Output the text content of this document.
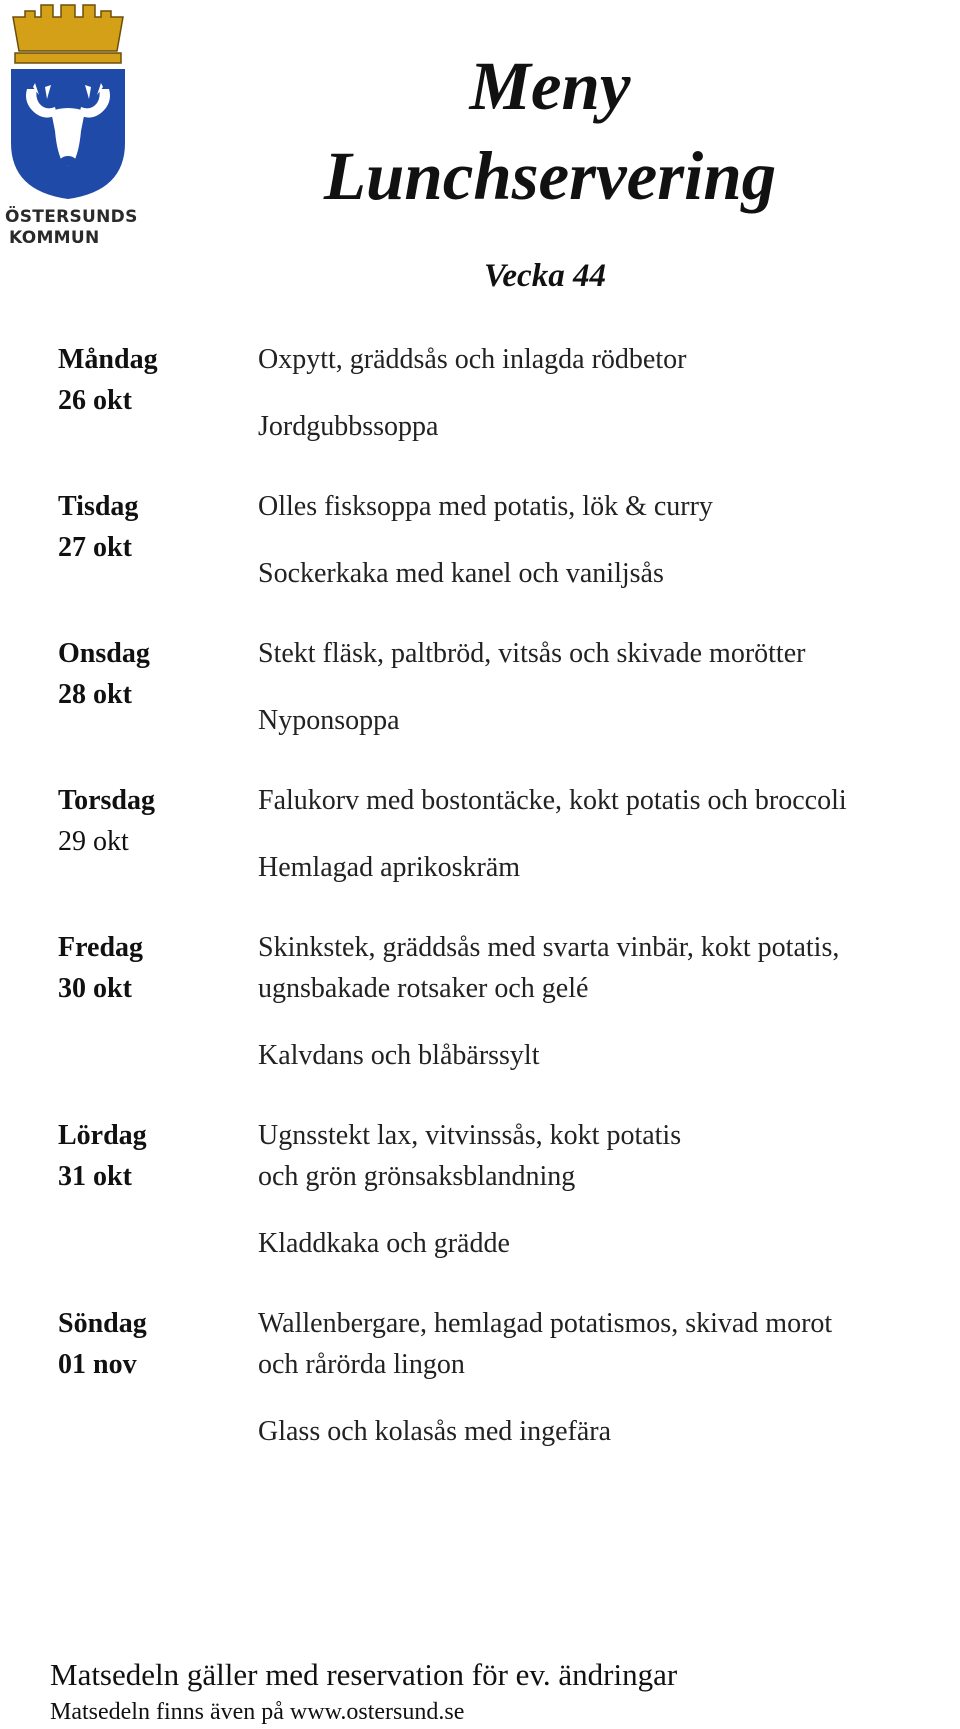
ÖSTERSUNDS
KOMMUN
Meny
Lunchservering
Vecka 44
Måndag
26 okt
Oxpytt, gräddsås och inlagda rödbetor
Jordgubbssoppa
Tisdag
27 okt
Olles fisksoppa med potatis, lök & curry
Sockerkaka med kanel och vaniljsås
Onsdag
28 okt
Stekt fläsk, paltbröd, vitsås och skivade morötter
Nyponsoppa
Torsdag
29 okt
Falukorv med bostontäcke, kokt potatis och broccoli
Hemlagad aprikoskräm
Fredag
30 okt
Skinkstek, gräddsås med svarta vinbär, kokt potatis,
ugnsbakade rotsaker och gelé
Kalvdans och blåbärssylt
Lördag
31 okt
Ugnsstekt lax, vitvinssås, kokt potatis
och grön grönsaksblandning
Kladdkaka och grädde
Söndag
01 nov
Wallenbergare, hemlagad potatismos, skivad morot
och rårörda lingon
Glass och kolasås med ingefära
Matsedeln gäller med reservation för ev. ändringar
Matsedeln finns även på www.ostersund.se
